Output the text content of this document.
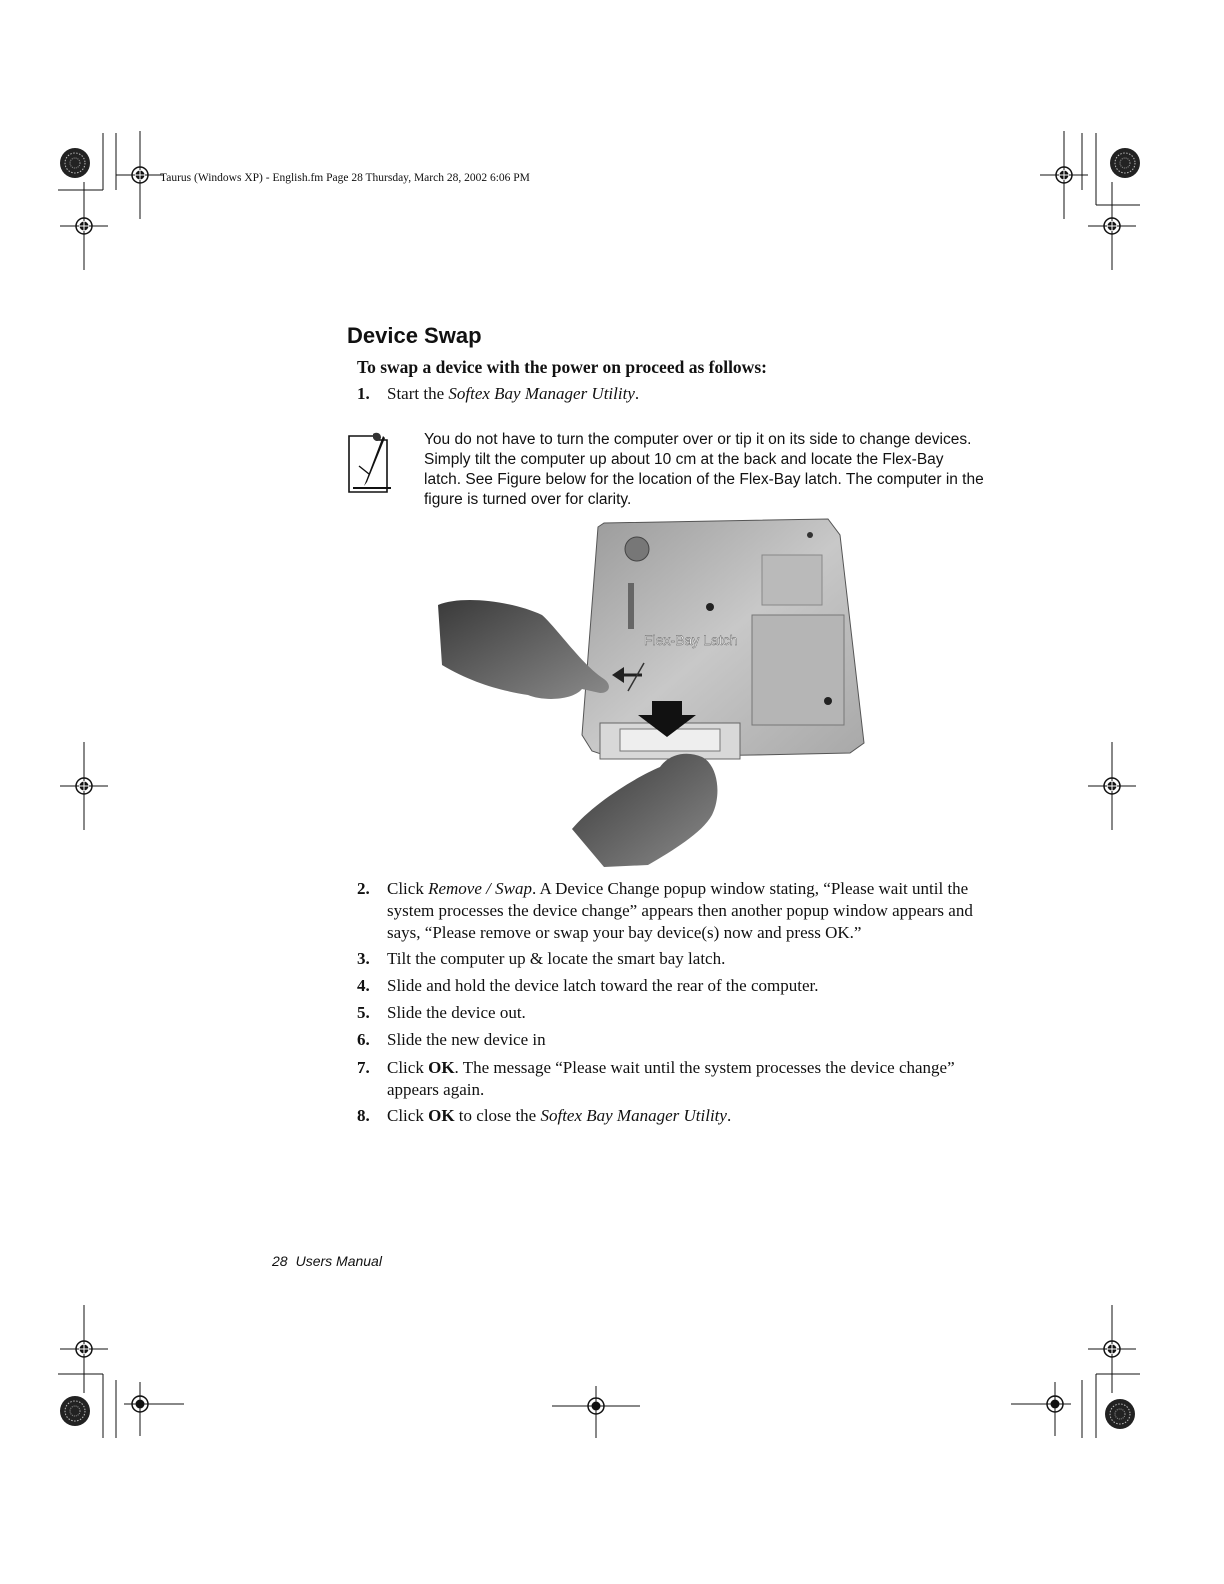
Taurus (Windows XP) - English.fm Page 28 Thursday, March 28, 2002 6:06 PM
Device Swap
To swap a device with the power on proceed as follows:
1. Start the Softex Bay Manager Utility.
You do not have to turn the computer over or tip it on its side to change devices. Simply tilt the computer up about 10 cm at the back and locate the Flex-Bay latch. See Figure below for the location of the Flex-Bay latch. The computer in the figure is turned over for clarity.
Flex-Bay Latch
2. Click Remove / Swap. A Device Change popup window stating, “Please wait until the system processes the device change” appears then another popup window appears and says, “Please remove or swap your bay device(s) now and press OK.”
3. Tilt the computer up & locate the smart bay latch.
4. Slide and hold the device latch toward the rear of the computer.
5. Slide the device out.
6. Slide the new device in
7. Click OK. The message “Please wait until the system processes the device change” appears again.
8. Click OK to close the Softex Bay Manager Utility.
28 Users Manual
